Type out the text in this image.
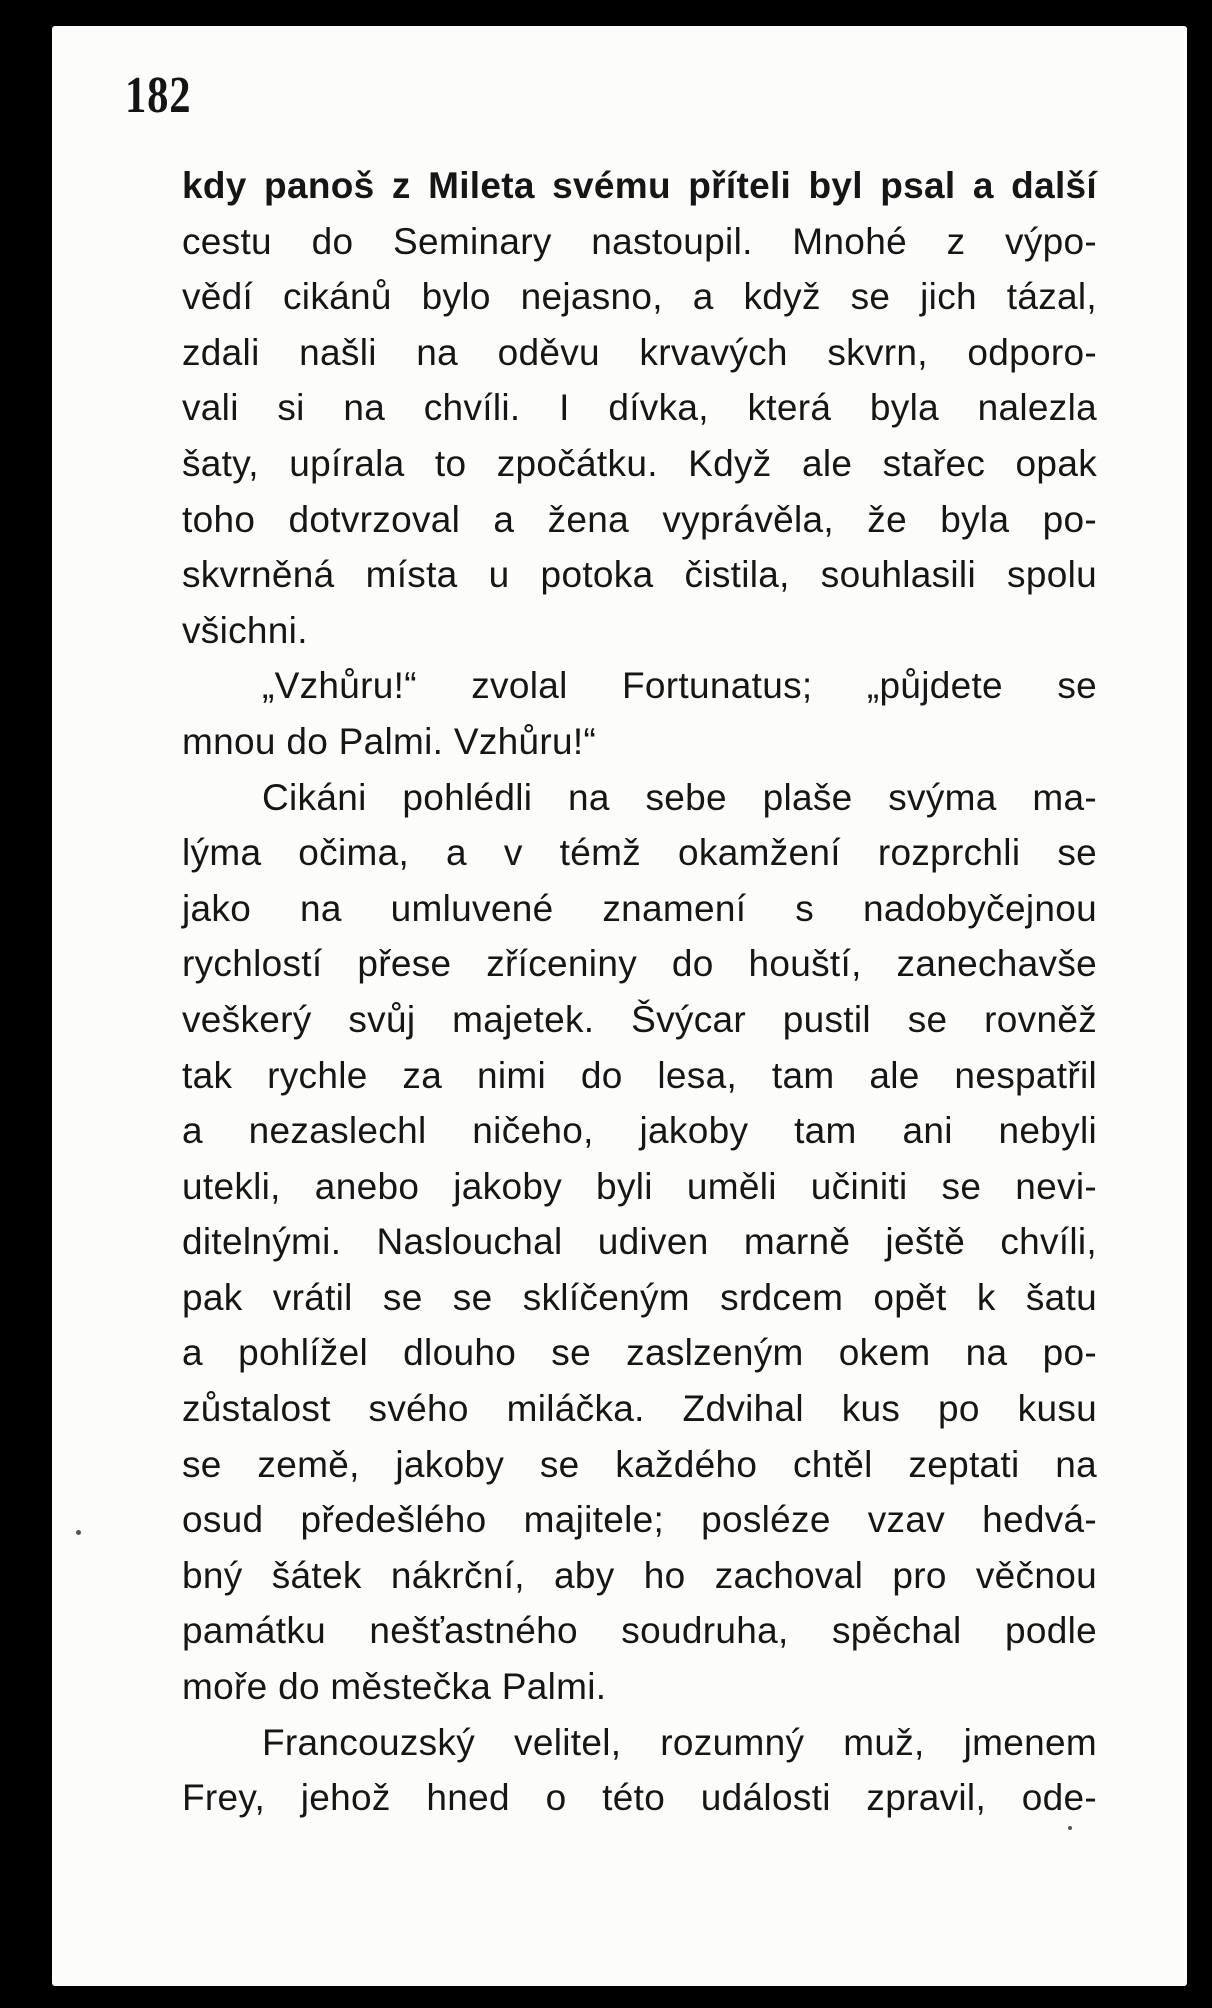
182
kdy panoš z Mileta svému příteli byl psal a další
cestu do Seminary nastoupil. Mnohé z výpo-
vědí cikánů bylo nejasno, a když se jich tázal,
zdali našli na oděvu krvavých skvrn, odporo-
vali si na chvíli. I dívka, která byla nalezla
šaty, upírala to zpočátku. Když ale stařec opak
toho dotvrzoval a žena vyprávěla, že byla po-
skvrněná místa u potoka čistila, souhlasili spolu
všichni.
„Vzhůru!“ zvolal Fortunatus; „půjdete se
mnou do Palmi. Vzhůru!“
Cikáni pohlédli na sebe plaše svýma ma-
lýma očima, a v témž okamžení rozprchli se
jako na umluvené znamení s nadobyčejnou
rychlostí přese zříceniny do houští, zanechavše
veškerý svůj majetek. Švýcar pustil se rovněž
tak rychle za nimi do lesa, tam ale nespatřil
a nezaslechl ničeho, jakoby tam ani nebyli
utekli, anebo jakoby byli uměli učiniti se nevi-
ditelnými. Naslouchal udiven marně ještě chvíli,
pak vrátil se se sklíčeným srdcem opět k šatu
a pohlížel dlouho se zaslzeným okem na po-
zůstalost svého miláčka. Zdvihal kus po kusu
se země, jakoby se každého chtěl zeptati na
osud předešlého majitele; posléze vzav hedvá-
bný šátek nákrční, aby ho zachoval pro věčnou
památku nešťastného soudruha, spěchal podle
moře do městečka Palmi.
Francouzský velitel, rozumný muž, jmenem
Frey, jehož hned o této události zpravil, ode-
